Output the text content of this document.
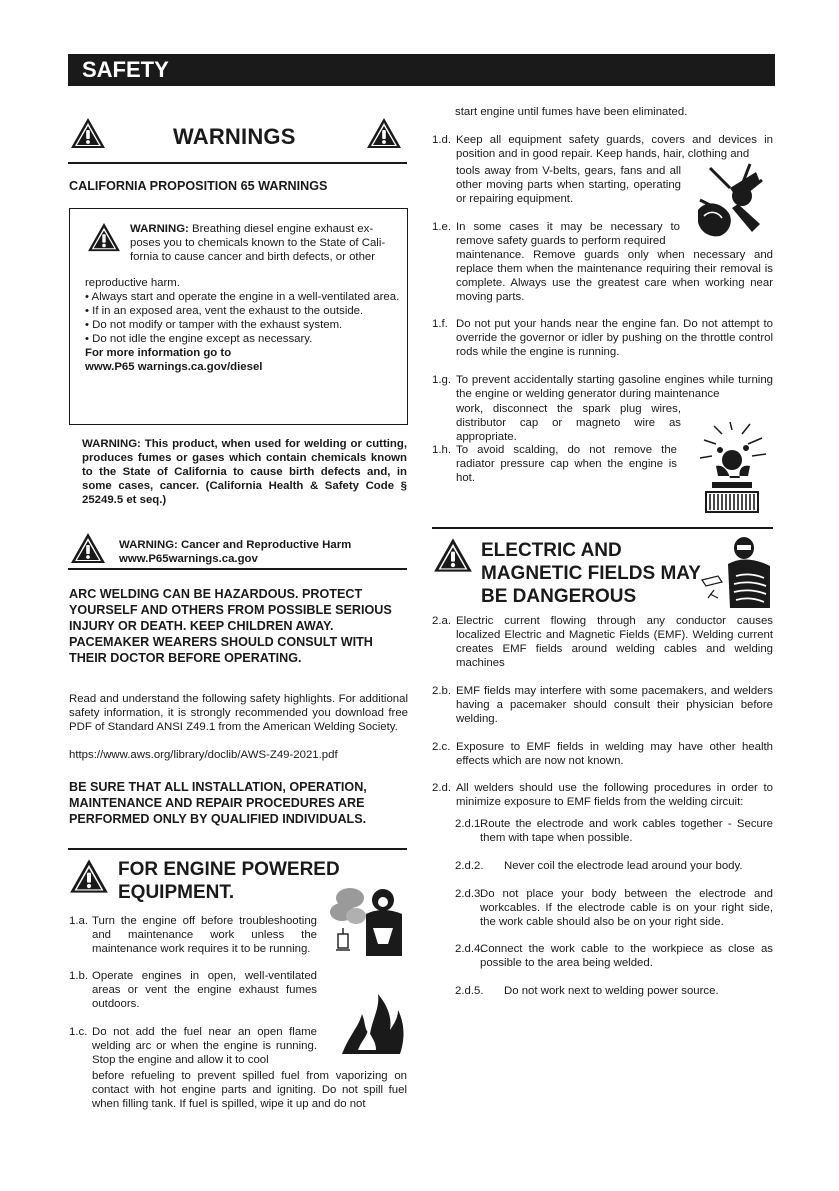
SAFETY
WARNINGS
CALIFORNIA PROPOSITION 65 WARNINGS
WARNING: Breathing diesel engine exhaust ex-
poses you to chemicals known to the State of Cali-
fornia to cause cancer and birth defects, or other
reproductive harm.
• Always start and operate the engine in a well-ventilated area.
• If in an exposed area, vent the exhaust to the outside.
• Do not modify or tamper with the exhaust system.
• Do not idle the engine except as necessary.
For more information go to
www.P65 warnings.ca.gov/diesel
WARNING: This product, when used for welding or cutting, produces fumes or gases which contain chemicals known to the State of California to cause birth defects and, in some cases, cancer. (California Health & Safety Code § 25249.5 et seq.)
WARNING: Cancer and Reproductive Harm
www.P65warnings.ca.gov
ARC WELDING CAN BE HAZARDOUS. PROTECT YOURSELF AND OTHERS FROM POSSIBLE SERIOUS INJURY OR DEATH. KEEP CHILDREN AWAY. PACEMAKER WEARERS SHOULD CONSULT WITH THEIR DOCTOR BEFORE OPERATING.
Read and understand the following safety highlights. For additional safety information, it is strongly recommended you download free PDF of Standard ANSI Z49.1 from the American Welding Society.
https://www.aws.org/library/doclib/AWS-Z49-2021.pdf
BE SURE THAT ALL INSTALLATION, OPERATION, MAINTENANCE AND REPAIR PROCEDURES ARE PERFORMED ONLY BY QUALIFIED INDIVIDUALS.
FOR ENGINE POWERED
EQUIPMENT.
1.a. Turn the engine off before troubleshooting and maintenance work unless the maintenance work requires it to be running.
1.b. Operate engines in open, well-ventilated areas or vent the engine exhaust fumes outdoors.
1.c. Do not add the fuel near an open flame welding arc or when the engine is running. Stop the engine and allow it to cool
before refueling to prevent spilled fuel from vaporizing on contact with hot engine parts and igniting. Do not spill fuel when filling tank. If fuel is spilled, wipe it up and do not
start engine until fumes have been eliminated.
1.d. Keep all equipment safety guards, covers and devices in position and in good repair. Keep hands, hair, clothing and
tools away from V-belts, gears, fans and all other moving parts when starting, operating or repairing equipment.
1.e. In some cases it may be necessary to remove safety guards to perform required
maintenance. Remove guards only when necessary and replace them when the maintenance requiring their removal is complete. Always use the greatest care when working near moving parts.
1.f. Do not put your hands near the engine fan. Do not attempt to override the governor or idler by pushing on the throttle control rods while the engine is running.
1.g. To prevent accidentally starting gasoline engines while turning the engine or welding generator during maintenance
work, disconnect the spark plug wires, distributor cap or magneto wire as appropriate.
1.h. To avoid scalding, do not remove the radiator pressure cap when the engine is hot.
ELECTRIC AND
MAGNETIC FIELDS MAY
BE DANGEROUS
~
2.a. Electric current flowing through any conductor causes localized Electric and Magnetic Fields (EMF). Welding current creates EMF fields around welding cables and welding machines
2.b. EMF fields may interfere with some pacemakers, and welders having a pacemaker should consult their physician before welding.
2.c. Exposure to EMF fields in welding may have other health effects which are now not known.
2.d. All welders should use the following procedures in order to minimize exposure to EMF fields from the welding circuit:
2.d.1.
Route the electrode and work cables together - Secure them with tape when possible.
2.d.2.	Never coil the electrode lead around your body.
2.d.3.
Do not place your body between the electrode and workcables. If the electrode cable is on your right side, the work cable should also be on your right side.
2.d.4.
Connect the work cable to the workpiece as close as possible to the area being welded.
2.d.5.	Do not work next to welding power source.
